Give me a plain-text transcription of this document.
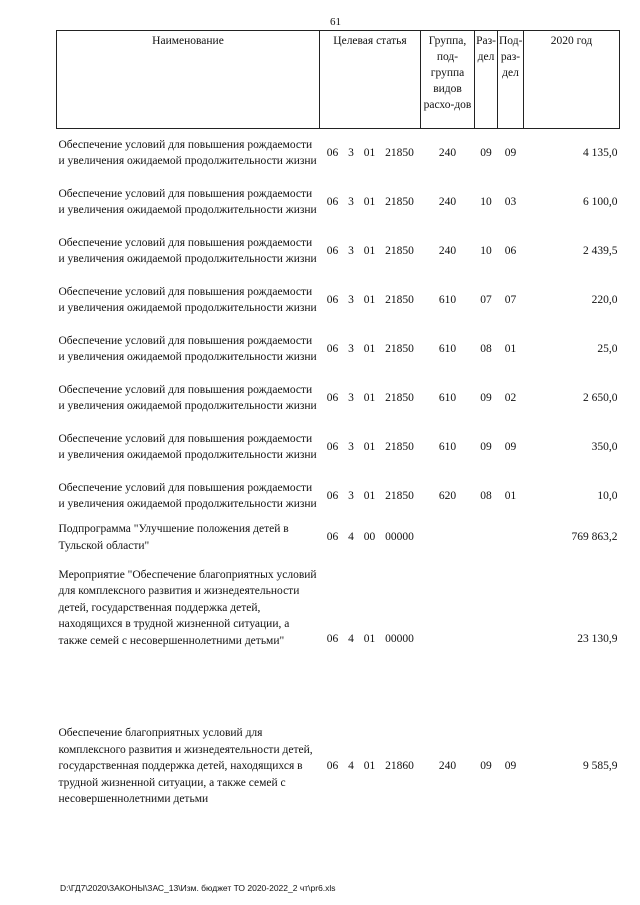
61
Наименование	Целевая статья	Группа, под-группа видов расхо-дов	Раз-дел	Под-раз-дел	2020 год
Обеспечение условий для повышения рождаемости и увеличения ожидаемой продолжительности жизни	06 3 01 21850	240	09	09	4 135,0
Обеспечение условий для повышения рождаемости и увеличения ожидаемой продолжительности жизни	06 3 01 21850	240	10	03	6 100,0
Обеспечение условий для повышения рождаемости и увеличения ожидаемой продолжительности жизни	06 3 01 21850	240	10	06	2 439,5
Обеспечение условий для повышения рождаемости и увеличения ожидаемой продолжительности жизни	06 3 01 21850	610	07	07	220,0
Обеспечение условий для повышения рождаемости и увеличения ожидаемой продолжительности жизни	06 3 01 21850	610	08	01	25,0
Обеспечение условий для повышения рождаемости и увеличения ожидаемой продолжительности жизни	06 3 01 21850	610	09	02	2 650,0
Обеспечение условий для повышения рождаемости и увеличения ожидаемой продолжительности жизни	06 3 01 21850	610	09	09	350,0
Обеспечение условий для повышения рождаемости и увеличения ожидаемой продолжительности жизни	06 3 01 21850	620	08	01	10,0
Подпрограмма "Улучшение положения детей в Тульской области"	06 4 00 00000				769 863,2

Мероприятие "Обеспечение благоприятных условий для комплексного развития и жизнедеятельности детей, государственная поддержка детей, находящихся в трудной жизненной ситуации, а также семей с несовершеннолетними детьми"	06 4 01 00000				23 130,9
Обеспечение благоприятных условий для комплексного развития и жизнедеятельности детей, государственная поддержка детей, находящихся в трудной жизненной ситуации, а также семей с несовершеннолетними детьми	06 4 01 21860	240	09	09	9 585,9
D:\ГД7\2020\ЗАКОНЫ\ЗАС_13\Изм. бюджет ТО 2020-2022_2 чт\pr6.xls
